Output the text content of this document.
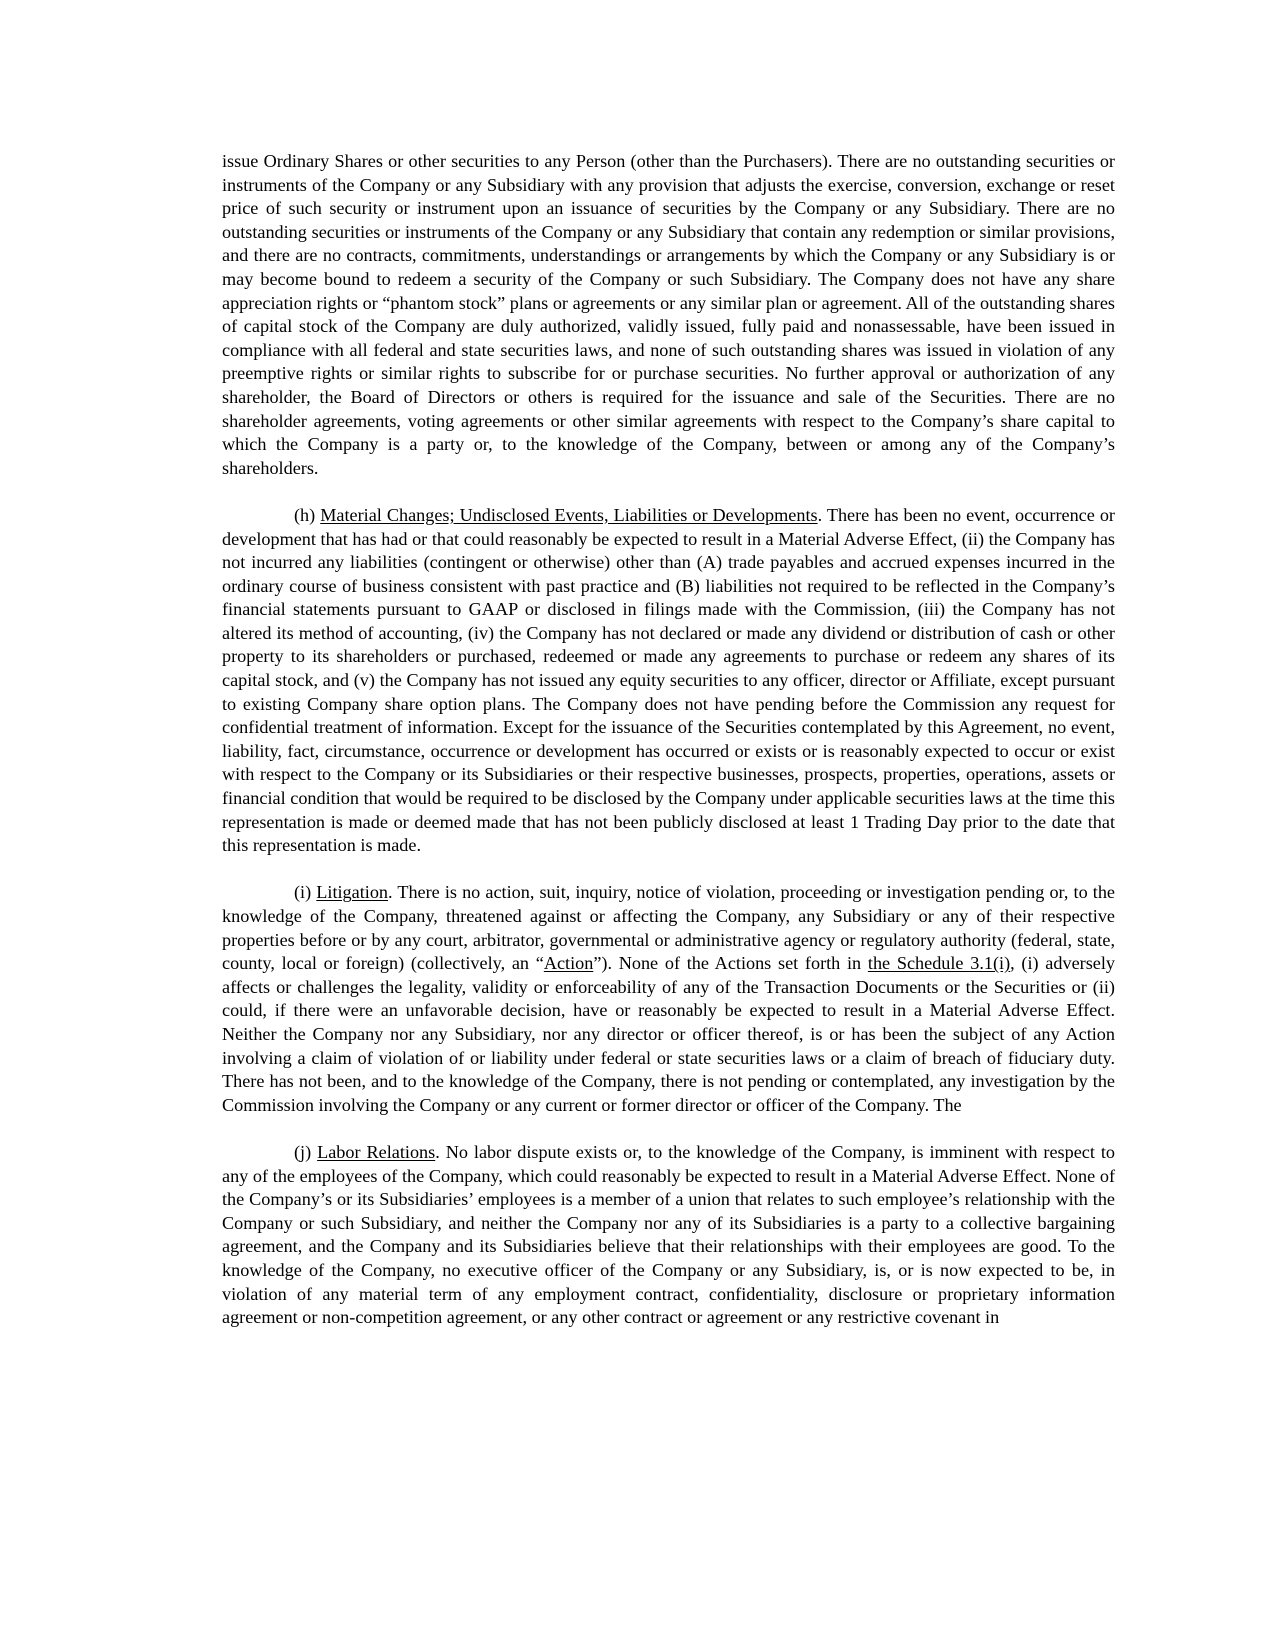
issue Ordinary Shares or other securities to any Person (other than the Purchasers). There are no outstanding securities or instruments of the Company or any Subsidiary with any provision that adjusts the exercise, conversion, exchange or reset price of such security or instrument upon an issuance of securities by the Company or any Subsidiary. There are no outstanding securities or instruments of the Company or any Subsidiary that contain any redemption or similar provisions, and there are no contracts, commitments, understandings or arrangements by which the Company or any Subsidiary is or may become bound to redeem a security of the Company or such Subsidiary. The Company does not have any share appreciation rights or “phantom stock” plans or agreements or any similar plan or agreement. All of the outstanding shares of capital stock of the Company are duly authorized, validly issued, fully paid and nonassessable, have been issued in compliance with all federal and state securities laws, and none of such outstanding shares was issued in violation of any preemptive rights or similar rights to subscribe for or purchase securities. No further approval or authorization of any shareholder, the Board of Directors or others is required for the issuance and sale of the Securities. There are no shareholder agreements, voting agreements or other similar agreements with respect to the Company’s share capital to which the Company is a party or, to the knowledge of the Company, between or among any of the Company’s shareholders.

(h) Material Changes; Undisclosed Events, Liabilities or Developments. There has been no event, occurrence or development that has had or that could reasonably be expected to result in a Material Adverse Effect, (ii) the Company has not incurred any liabilities (contingent or otherwise) other than (A) trade payables and accrued expenses incurred in the ordinary course of business consistent with past practice and (B) liabilities not required to be reflected in the Company’s financial statements pursuant to GAAP or disclosed in filings made with the Commission, (iii) the Company has not altered its method of accounting, (iv) the Company has not declared or made any dividend or distribution of cash or other property to its shareholders or purchased, redeemed or made any agreements to purchase or redeem any shares of its capital stock, and (v) the Company has not issued any equity securities to any officer, director or Affiliate, except pursuant to existing Company share option plans. The Company does not have pending before the Commission any request for confidential treatment of information. Except for the issuance of the Securities contemplated by this Agreement, no event, liability, fact, circumstance, occurrence or development has occurred or exists or is reasonably expected to occur or exist with respect to the Company or its Subsidiaries or their respective businesses, prospects, properties, operations, assets or financial condition that would be required to be disclosed by the Company under applicable securities laws at the time this representation is made or deemed made that has not been publicly disclosed at least 1 Trading Day prior to the date that this representation is made.

(i) Litigation. There is no action, suit, inquiry, notice of violation, proceeding or investigation pending or, to the knowledge of the Company, threatened against or affecting the Company, any Subsidiary or any of their respective properties before or by any court, arbitrator, governmental or administrative agency or regulatory authority (federal, state, county, local or foreign) (collectively, an “Action”). None of the Actions set forth in the Schedule 3.1(i), (i) adversely affects or challenges the legality, validity or enforceability of any of the Transaction Documents or the Securities or (ii) could, if there were an unfavorable decision, have or reasonably be expected to result in a Material Adverse Effect. Neither the Company nor any Subsidiary, nor any director or officer thereof, is or has been the subject of any Action involving a claim of violation of or liability under federal or state securities laws or a claim of breach of fiduciary duty. There has not been, and to the knowledge of the Company, there is not pending or contemplated, any investigation by the Commission involving the Company or any current or former director or officer of the Company. The

(j) Labor Relations. No labor dispute exists or, to the knowledge of the Company, is imminent with respect to any of the employees of the Company, which could reasonably be expected to result in a Material Adverse Effect. None of the Company’s or its Subsidiaries’ employees is a member of a union that relates to such employee’s relationship with the Company or such Subsidiary, and neither the Company nor any of its Subsidiaries is a party to a collective bargaining agreement, and the Company and its Subsidiaries believe that their relationships with their employees are good. To the knowledge of the Company, no executive officer of the Company or any Subsidiary, is, or is now expected to be, in violation of any material term of any employment contract, confidentiality, disclosure or proprietary information agreement or non-competition agreement, or any other contract or agreement or any restrictive covenant in
